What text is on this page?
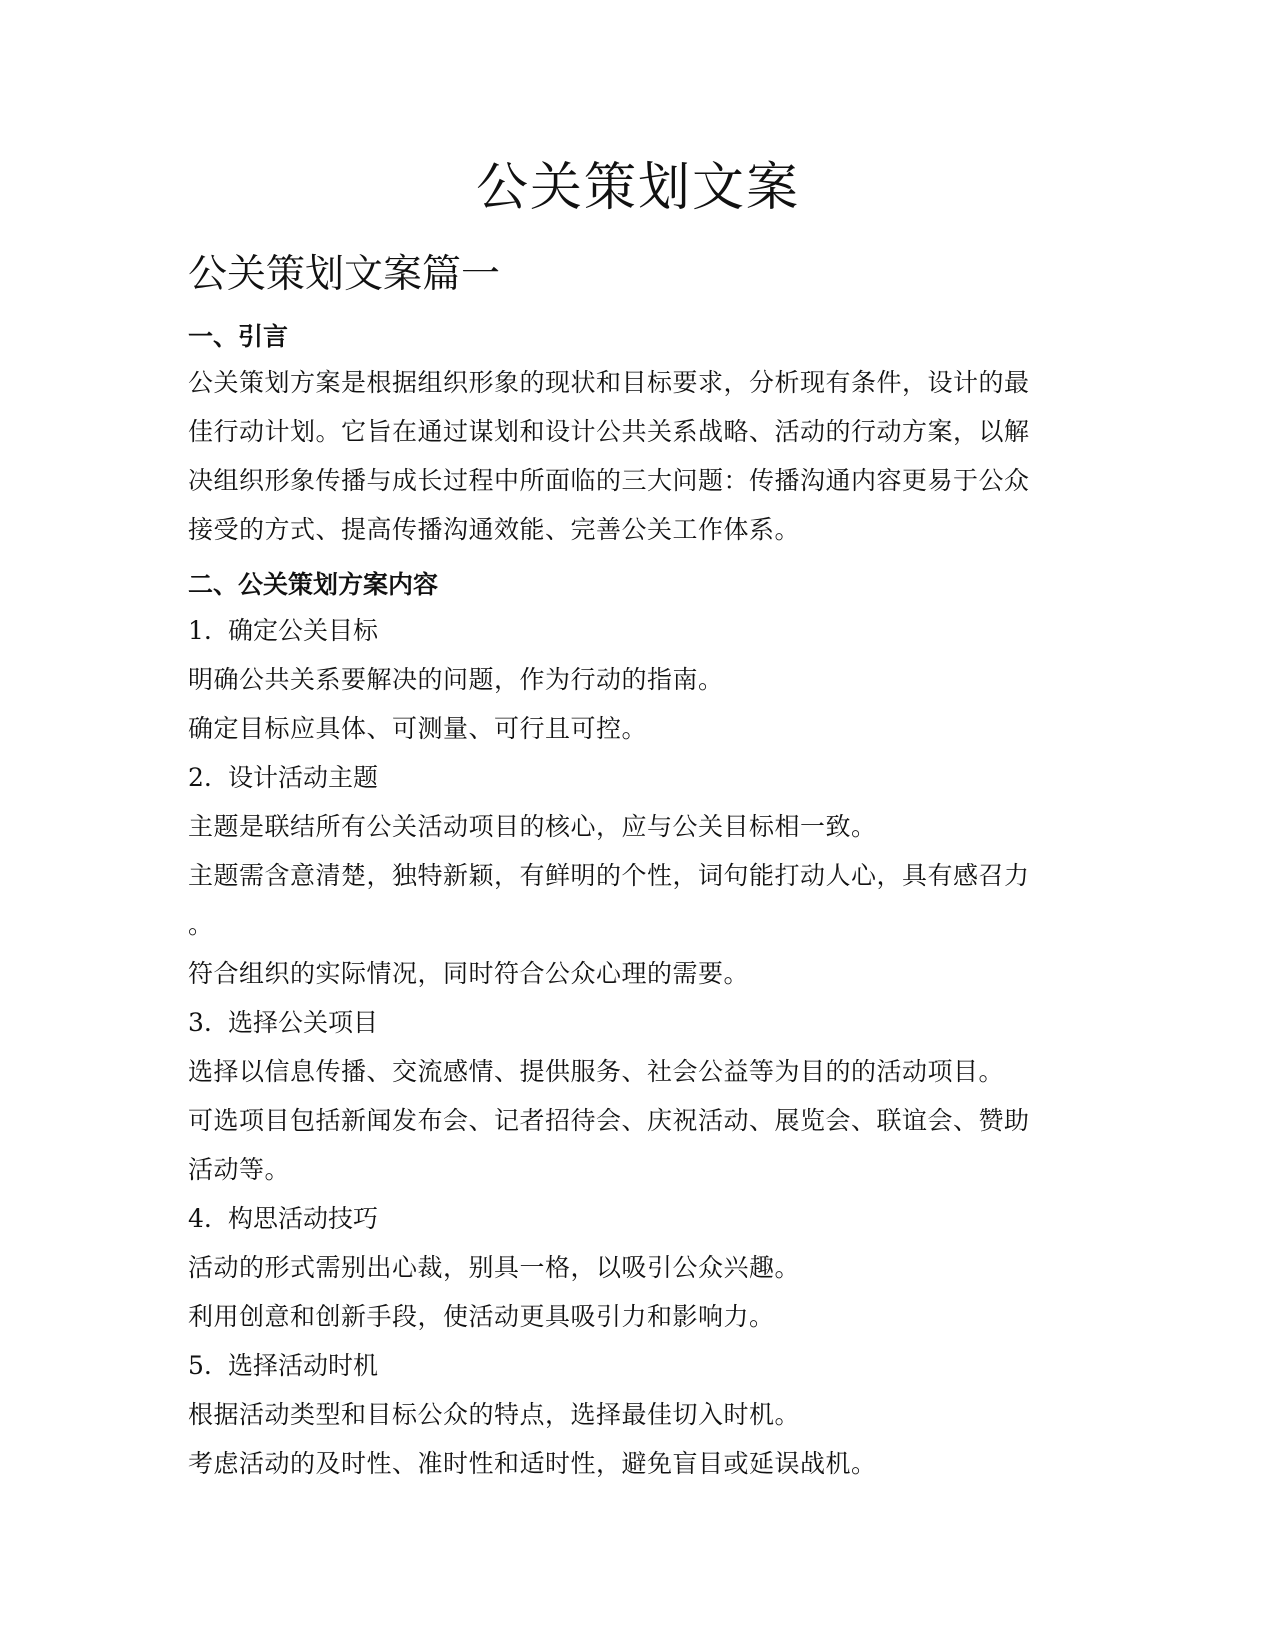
公关策划文案
公关策划文案篇一
一、引言

公关策划方案是根据组织形象的现状和目标要求，分析现有条件，设计的最

佳行动计划。它旨在通过谋划和设计公共关系战略、活动的行动方案，以解

决组织形象传播与成长过程中所面临的三大问题：传播沟通内容更易于公众

接受的方式、提高传播沟通效能、完善公关工作体系。

二、公关策划方案内容

1. 确定公关目标

明确公共关系要解决的问题，作为行动的指南。

确定目标应具体、可测量、可行且可控。

2. 设计活动主题

主题是联结所有公关活动项目的核心，应与公关目标相一致。

主题需含意清楚，独特新颖，有鲜明的个性，词句能打动人心，具有感召力

。

符合组织的实际情况，同时符合公众心理的需要。

3. 选择公关项目

选择以信息传播、交流感情、提供服务、社会公益等为目的的活动项目。

可选项目包括新闻发布会、记者招待会、庆祝活动、展览会、联谊会、赞助

活动等。

4. 构思活动技巧

活动的形式需别出心裁，别具一格，以吸引公众兴趣。

利用创意和创新手段，使活动更具吸引力和影响力。

5. 选择活动时机

根据活动类型和目标公众的特点，选择最佳切入时机。

考虑活动的及时性、准时性和适时性，避免盲目或延误战机。
